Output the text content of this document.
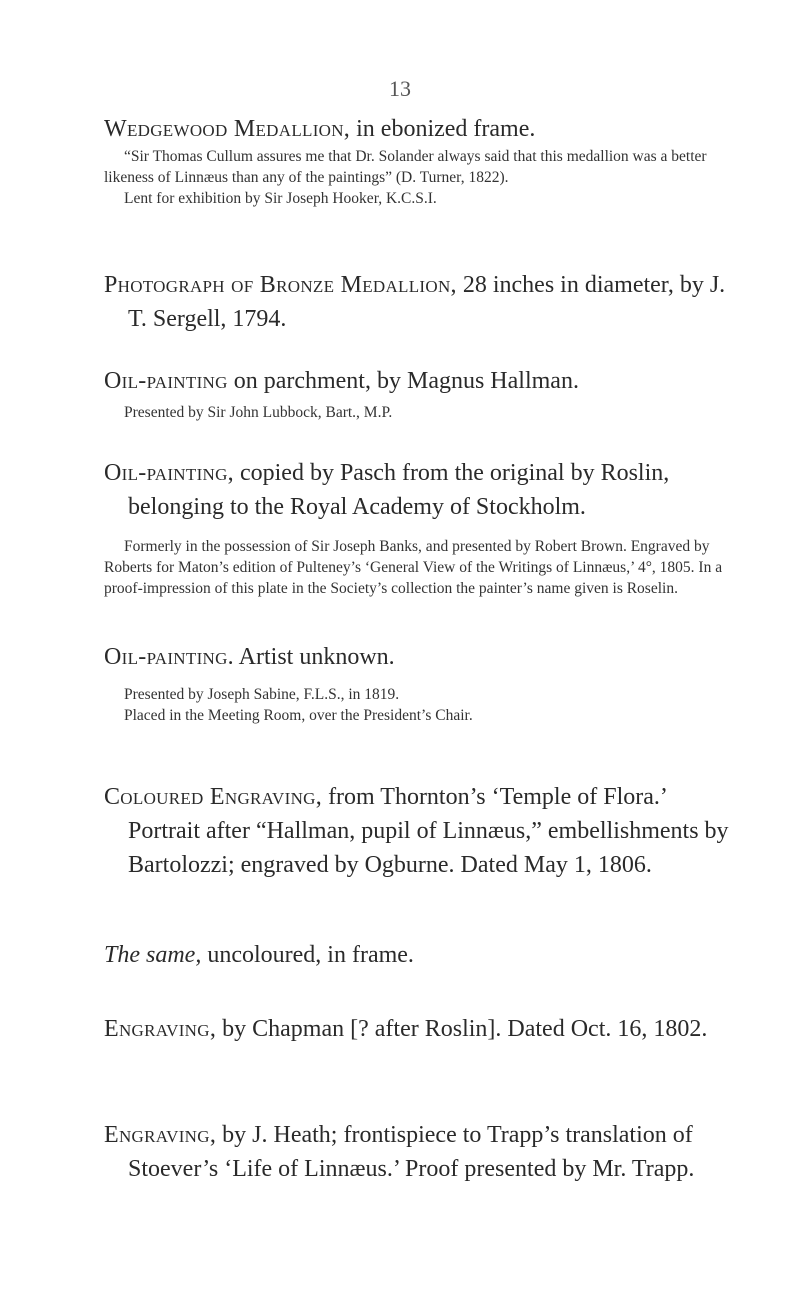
13

Wedgewood Medallion, in ebonized frame.

“Sir Thomas Cullum assures me that Dr. Solander always said that this medallion was a better likeness of Linnæus than any of the paintings” (D. Turner, 1822).

Lent for exhibition by Sir Joseph Hooker, K.C.S.I.

Photograph of Bronze Medallion, 28 inches in diameter, by J. T. Sergell, 1794.

Oil-painting on parchment, by Magnus Hallman.

Presented by Sir John Lubbock, Bart., M.P.

Oil-painting, copied by Pasch from the original by Roslin, belonging to the Royal Academy of Stockholm.

Formerly in the possession of Sir Joseph Banks, and presented by Robert Brown. Engraved by Roberts for Maton’s edition of Pulteney’s ‘General View of the Writings of Linnæus,’ 4°, 1805. In a proof-impression of this plate in the Society’s collection the painter’s name given is Roselin.

Oil-painting. Artist unknown.

Presented by Joseph Sabine, F.L.S., in 1819.

Placed in the Meeting Room, over the President’s Chair.

Coloured Engraving, from Thornton’s ‘Temple of Flora.’ Portrait after “Hallman, pupil of Linnæus,” embellishments by Bartolozzi; engraved by Ogburne. Dated May 1, 1806.

The same, uncoloured, in frame.

Engraving, by Chapman [? after Roslin]. Dated Oct. 16, 1802.

Engraving, by J. Heath; frontispiece to Trapp’s translation of Stoever’s ‘Life of Linnæus.’ Proof presented by Mr. Trapp.
